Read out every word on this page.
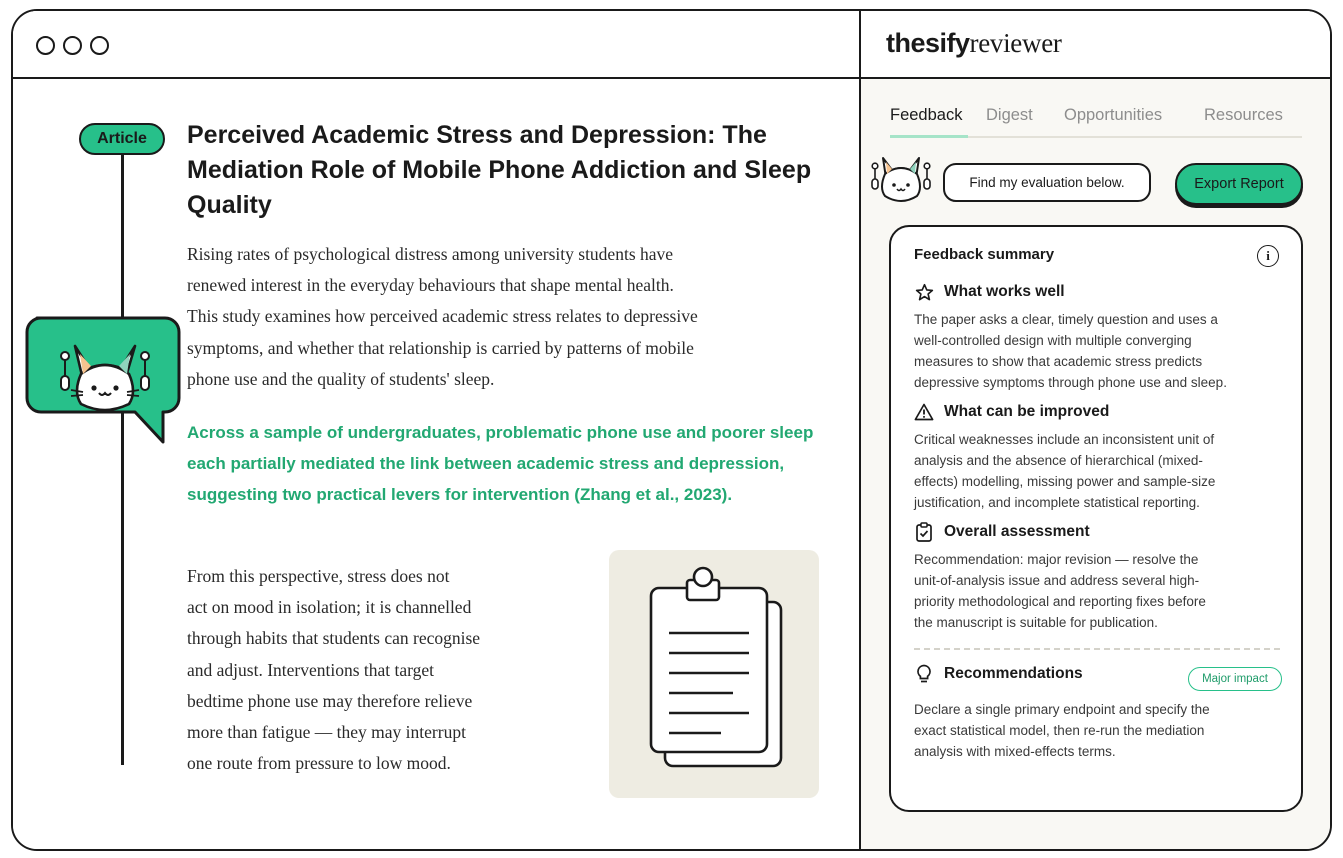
Article	Perceived Academic Stress and Depression: The Mediation Role of Mobile Phone Addiction and Sleep Quality
Rising rates of psychological distress among university students have
renewed interest in the everyday behaviours that shape mental health.
This study examines how perceived academic stress relates to depressive
symptoms, and whether that relationship is carried by patterns of mobile
phone use and the quality of students' sleep.
Across a sample of undergraduates, problematic phone use and poorer sleep each partially mediated the link between academic stress and depression, suggesting two practical levers for intervention (Zhang et al., 2023).
From this perspective, stress does not
act on mood in isolation; it is channelled
through habits that students can recognise
and adjust. Interventions that target
bedtime phone use may therefore relieve
more than fatigue — they may interrupt
one route from pressure to low mood.
thesify reviewer
Feedback Digest Opportunities	Resources
Find my evaluation below.	Export Report
Feedback summary	i
What works well
The paper asks a clear, timely question and uses a
well-controlled design with multiple converging
measures to show that academic stress predicts
depressive symptoms through phone use and sleep.
What can be improved
Critical weaknesses include an inconsistent unit of
analysis and the absence of hierarchical (mixed-
effects) modelling, missing power and sample-size
justification, and incomplete statistical reporting.
Overall assessment
Recommendation: major revision — resolve the
unit-of-analysis issue and address several high-
priority methodological and reporting fixes before
the manuscript is suitable for publication.
Recommendations
Declare a single primary endpoint and specify the
exact statistical model, then re-run the mediation
analysis with mixed-effects terms.
Major impact
